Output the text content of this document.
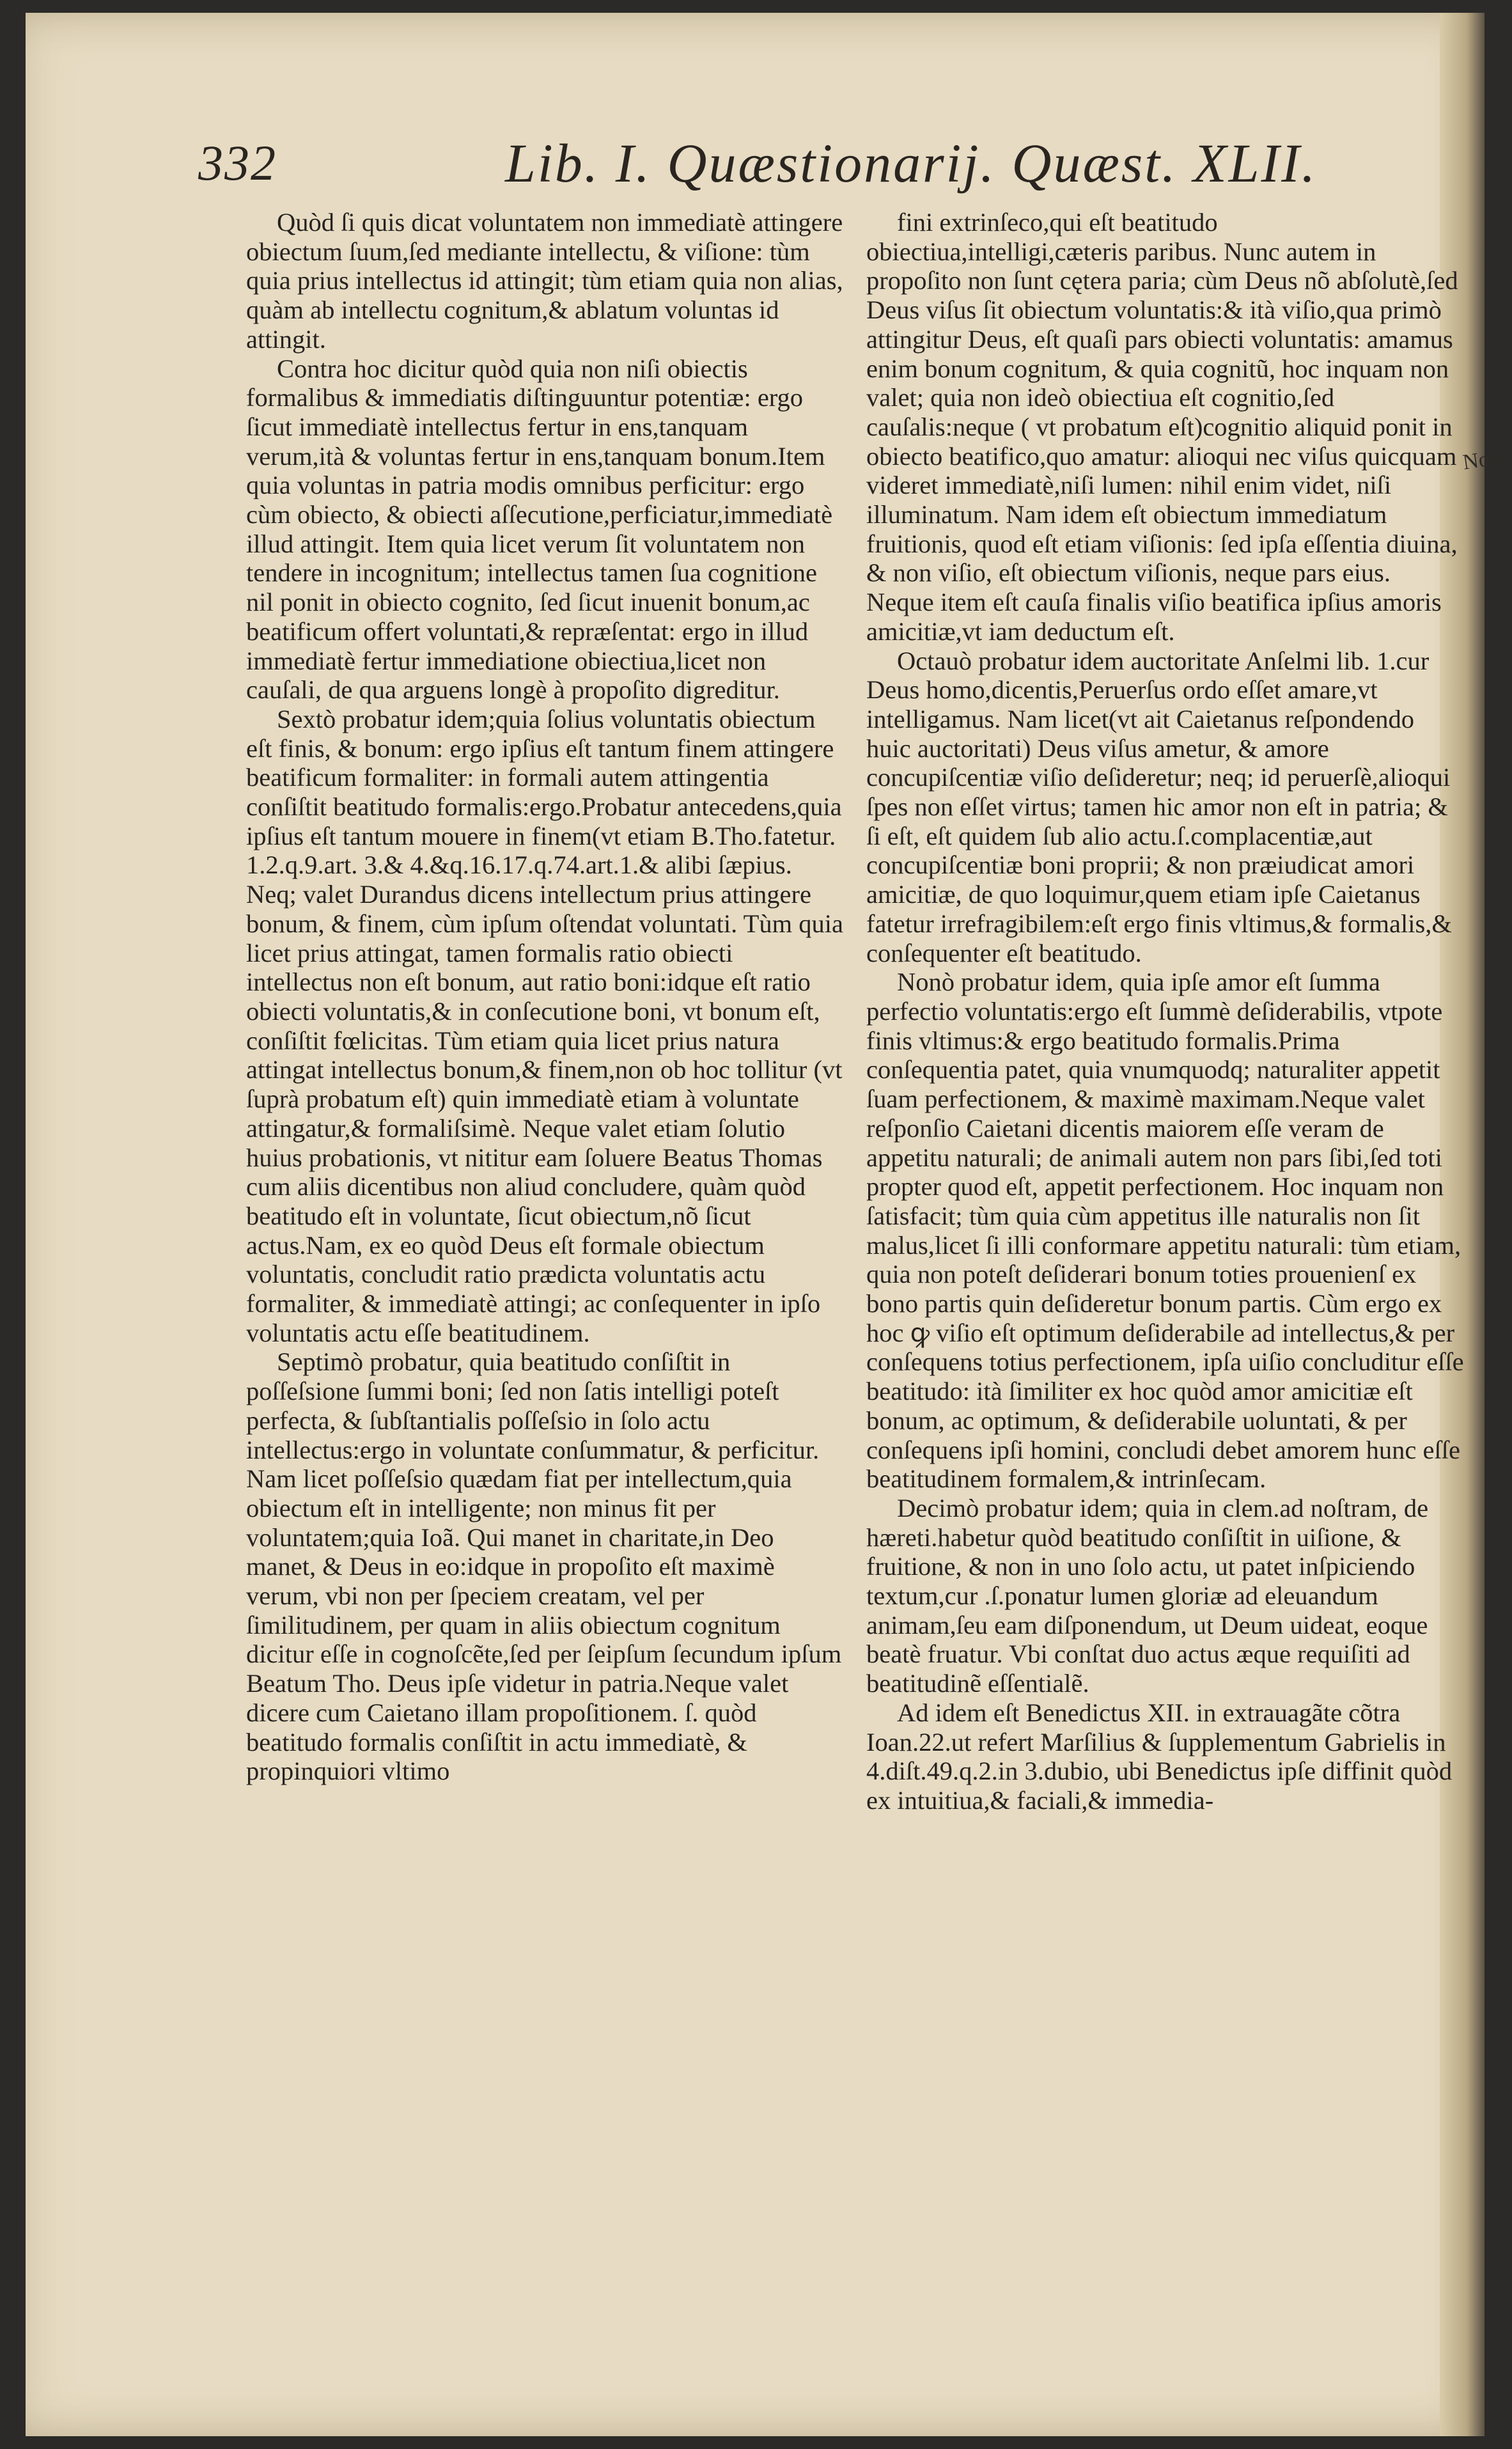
332	Lib. I. Quæstionarij. Quæst. XLII.

Quòd ſi quis dicat voluntatem non immediatè attingere obiectum ſuum,ſed mediante intellectu, & viſione: tùm quia prius intellectus id attingit; tùm etiam quia non alias, quàm ab intellectu cognitum,& ablatum voluntas id attingit.

Contra hoc dicitur quòd quia non niſi obiectis formalibus & immediatis diſtinguuntur potentiæ: ergo ſicut immediatè intellectus fertur in ens,tanquam verum,ità & voluntas fertur in ens,tanquam bonum.Item quia voluntas in patria modis omnibus perficitur: ergo cùm obiecto, & obiecti aſſecutione,perficiatur,immediatè illud attingit. Item quia licet verum ſit voluntatem non tendere in incognitum; intellectus tamen ſua cognitione nil ponit in obiecto cognito, ſed ſicut inuenit bonum,ac beatificum offert voluntati,& repræſentat: ergo in illud immediatè fertur immediatione obiectiua,licet non cauſali, de qua arguens longè à propoſito digreditur.

Sextò probatur idem;quia ſolius voluntatis obiectum eſt finis, & bonum: ergo ipſius eſt tantum finem attingere beatificum formaliter: in formali autem attingentia conſiſtit beatitudo formalis:ergo.Probatur antecedens,quia ipſius eſt tantum mouere in finem(vt etiam B.Tho.fatetur. 1.2.q.9.art. 3.& 4.&q.16.17.q.74.art.1.& alibi ſæpius. Neq; valet Durandus dicens intellectum prius attingere bonum, & finem, cùm ipſum oſtendat voluntati. Tùm quia licet prius attingat, tamen formalis ratio obiecti intellectus non eſt bonum, aut ratio boni:idque eſt ratio obiecti voluntatis,& in conſecutione boni, vt bonum eſt, conſiſtit fœlicitas. Tùm etiam quia licet prius natura attingat intellectus bonum,& finem,non ob hoc tollitur (vt ſuprà probatum eſt) quin immediatè etiam à voluntate attingatur,& formaliſsimè. Neque valet etiam ſolutio huius probationis, vt nititur eam ſoluere Beatus Thomas cum aliis dicentibus non aliud concludere, quàm quòd beatitudo eſt in voluntate, ſicut obiectum,nõ ſicut actus.Nam, ex eo quòd Deus eſt formale obiectum voluntatis, concludit ratio prædicta voluntatis actu formaliter, & immediatè attingi; ac conſequenter in ipſo voluntatis actu eſſe beatitudinem.

Septimò probatur, quia beatitudo conſiſtit in poſſeſsione ſummi boni; ſed non ſatis intelligi poteſt perfecta, & ſubſtantialis poſſeſsio in ſolo actu intellectus:ergo in voluntate conſummatur, & perficitur. Nam licet poſſeſsio quædam fiat per intellectum,quia obiectum eſt in intelligente; non minus fit per voluntatem;quia Ioã. Qui manet in charitate,in Deo manet, & Deus in eo:idque in propoſito eſt maximè verum, vbi non per ſpeciem creatam, vel per ſimilitudinem, per quam in aliis obiectum cognitum dicitur eſſe in cognoſcẽte,ſed per ſeipſum ſecundum ipſum Beatum Tho. Deus ipſe videtur in patria.Neque valet dicere cum Caietano illam propoſitionem. ſ. quòd beatitudo formalis conſiſtit in actu immediatè, & propinquiori vltimo

fini extrinſeco,qui eſt beatitudo obiectiua,intelligi,cæteris paribus. Nunc autem in propoſito non ſunt cętera paria; cùm Deus nõ abſolutè,ſed Deus viſus ſit obiectum voluntatis:& ità viſio,qua primò attingitur Deus, eſt quaſi pars obiecti voluntatis: amamus enim bonum cognitum, & quia cognitũ, hoc inquam non valet; quia non ideò obiectiua eſt cognitio,ſed cauſalis:neque ( vt probatum eſt)cognitio aliquid ponit in obiecto beatifico,quo amatur: alioqui nec viſus quicquam videret immediatè,niſi lumen: nihil enim videt, niſi illuminatum. Nam idem eſt obiectum immediatum fruitionis, quod eſt etiam viſionis: ſed ipſa eſſentia diuina, & non viſio, eſt obiectum viſionis, neque pars eius. Neque item eſt cauſa finalis viſio beatifica ipſius amoris amicitiæ,vt iam deductum eſt.

Octauò probatur idem auctoritate Anſelmi lib. 1.cur Deus homo,dicentis,Peruerſus ordo eſſet amare,vt intelligamus. Nam licet(vt ait Caietanus reſpondendo huic auctoritati) Deus viſus ametur, & amore concupiſcentiæ viſio deſideretur; neq; id peruerſè,alioqui ſpes non eſſet virtus; tamen hic amor non eſt in patria; & ſi eſt, eſt quidem ſub alio actu.ſ.complacentiæ,aut concupiſcentiæ boni proprii; & non præiudicat amori amicitiæ, de quo loquimur,quem etiam ipſe Caietanus fatetur irrefragibilem:eſt ergo finis vltimus,& formalis,& conſequenter eſt beatitudo.

Nonò probatur idem, quia ipſe amor eſt ſumma perfectio voluntatis:ergo eſt ſummè deſiderabilis, vtpote finis vltimus:& ergo beatitudo formalis.Prima conſequentia patet, quia vnumquodq; naturaliter appetit ſuam perfectionem, & maximè maximam.Neque valet reſponſio Caietani dicentis maiorem eſſe veram de appetitu naturali; de animali autem non pars ſibi,ſed toti propter quod eſt, appetit perfectionem. Hoc inquam non ſatisfacit; tùm quia cùm appetitus ille naturalis non ſit malus,licet ſi illi conformare appetitu naturali: tùm etiam, quia non poteſt deſiderari bonum toties prouenienſ ex bono partis quin deſideretur bonum partis. Cùm ergo ex hoc ꝙ viſio eſt optimum deſiderabile ad intellectus,& per conſequens totius perfectionem, ipſa uiſio concluditur eſſe beatitudo: ità ſimiliter ex hoc quòd amor amicitiæ eſt bonum, ac optimum, & deſiderabile uoluntati, & per conſequens ipſi homini, concludi debet amorem hunc eſſe beatitudinem formalem,& intrinſecam.

Decimò probatur idem; quia in clem.ad noſtram, de hæreti.habetur quòd beatitudo conſiſtit in uiſione, & fruitione, & non in uno ſolo actu, ut patet inſpiciendo textum,cur .ſ.ponatur lumen gloriæ ad eleuandum animam,ſeu eam diſponendum, ut Deum uideat, eoque beatè fruatur. Vbi conſtat duo actus æque requiſiti ad beatitudinẽ eſſentialẽ.

Ad idem eſt Benedictus XII. in extrauagãte cõtra Ioan.22.ut refert Marſilius & ſupplementum Gabrielis in 4.diſt.49.q.2.in 3.dubio, ubi Benedictus ipſe diffinit quòd ex intuitiua,& faciali,& immedia-

Nota.
